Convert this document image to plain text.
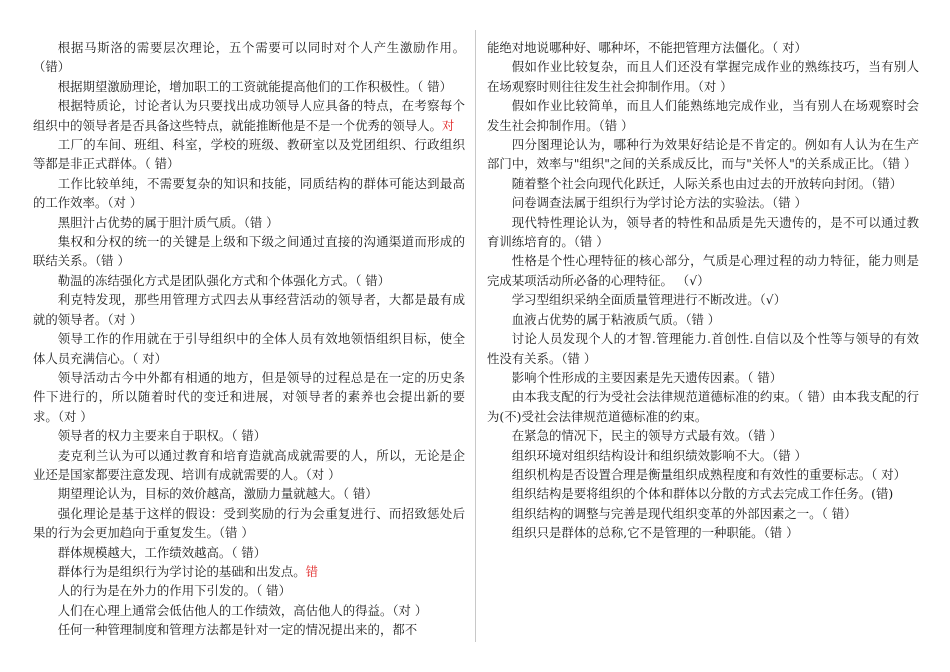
根据马斯洛的需要层次理论，五个需要可以同时对个人产生激励作用。（错）

根据期望激励理论，增加职工的工资就能提高他们的工作积极性。（ 错）

根据特质论，讨论者认为只要找出成功领导人应具备的特点，在考察每个组织中的领导者是否具备这些特点，就能推断他是不是一个优秀的领导人。对

工厂的车间、班组、科室，学校的班级、教研室以及党团组织、行政组织等都是非正式群体。（ 错）

工作比较单纯，不需要复杂的知识和技能，同质结构的群体可能达到最高的工作效率。（对 ）

黑胆汁占优势的属于胆汁质气质。（错 ）

集权和分权的统一的关键是上级和下级之间通过直接的沟通渠道而形成的联结关系。（错 ）

勒温的冻结强化方式是团队强化方式和个体强化方式。（ 错）

利克特发现，那些用管理方式四去从事经营活动的领导者，大都是最有成就的领导者。（对 ）

领导工作的作用就在于引导组织中的全体人员有效地领悟组织目标，使全体人员充满信心。（ 对）

领导活动古今中外都有相通的地方，但是领导的过程总是在一定的历史条件下进行的，所以随着时代的变迁和进展，对领导者的素养也会提出新的要求。（对 ）

领导者的权力主要来自于职权。（ 错）

麦克利兰认为可以通过教育和培育造就高成就需要的人，所以，无论是企业还是国家都要注意发现、培训有成就需要的人。（对 ）

期望理论认为，目标的效价越高，激励力量就越大。（ 错）

强化理论是基于这样的假设：受到奖励的行为会重复进行、而招致惩处后果的行为会更加趋向于重复发生。（错 ）

群体规模越大，工作绩效越高。（ 错）

群体行为是组织行为学讨论的基础和出发点。错

人的行为是在外力的作用下引发的。（ 错）

人们在心理上通常会低估他人的工作绩效，高估他人的得益。（对 ）

任何一种管理制度和管理方法都是针对一定的情况提出来的，都不

能绝对地说哪种好、哪种坏，不能把管理方法僵化。（ 对）

假如作业比较复杂，而且人们还没有掌握完成作业的熟练技巧，当有别人在场观察时则往往发生社会抑制作用。（对 ）

假如作业比较简单，而且人们能熟练地完成作业，当有别人在场观察时会发生社会抑制作用。（错 ）

四分图理论认为，哪种行为效果好结论是不肯定的。例如有人认为在生产部门中，效率与"组织"之间的关系成反比，而与"关怀人"的关系成正比。（错 ）

随着整个社会向现代化跃迁，人际关系也由过去的开放转向封闭。（错）

问卷调查法属于组织行为学讨论方法的实验法。（错 ）

现代特性理论认为，领导者的特性和品质是先天遗传的，是不可以通过教育训练培育的。（错 ）

性格是个性心理特征的核心部分，气质是心理过程的动力特征，能力则是完成某项活动所必备的心理特征。 （√）

学习型组织采纳全面质量管理进行不断改进。（√）

血液占优势的属于粘液质气质。（错 ）

讨论人员发现个人的才智.管理能力.首创性.自信以及个性等与领导的有效性没有关系。（错 ）

影响个性形成的主要因素是先天遗传因素。（ 错）

由本我支配的行为受社会法律规范道德标准的约束。（ 错）由本我支配的行为(不)受社会法律规范道德标准的约束。

在紧急的情况下，民主的领导方式最有效。（错 ）

组织环境对组织结构设计和组织绩效影响不大。（错 ）

组织机构是否设置合理是衡量组织成熟程度和有效性的重要标志。（ 对）

组织结构是要将组织的个体和群体以分散的方式去完成工作任务。(错)

组织结构的调整与完善是现代组织变革的外部因素之一。（ 错）

组织只是群体的总称,它不是管理的一种职能。（错 ）
